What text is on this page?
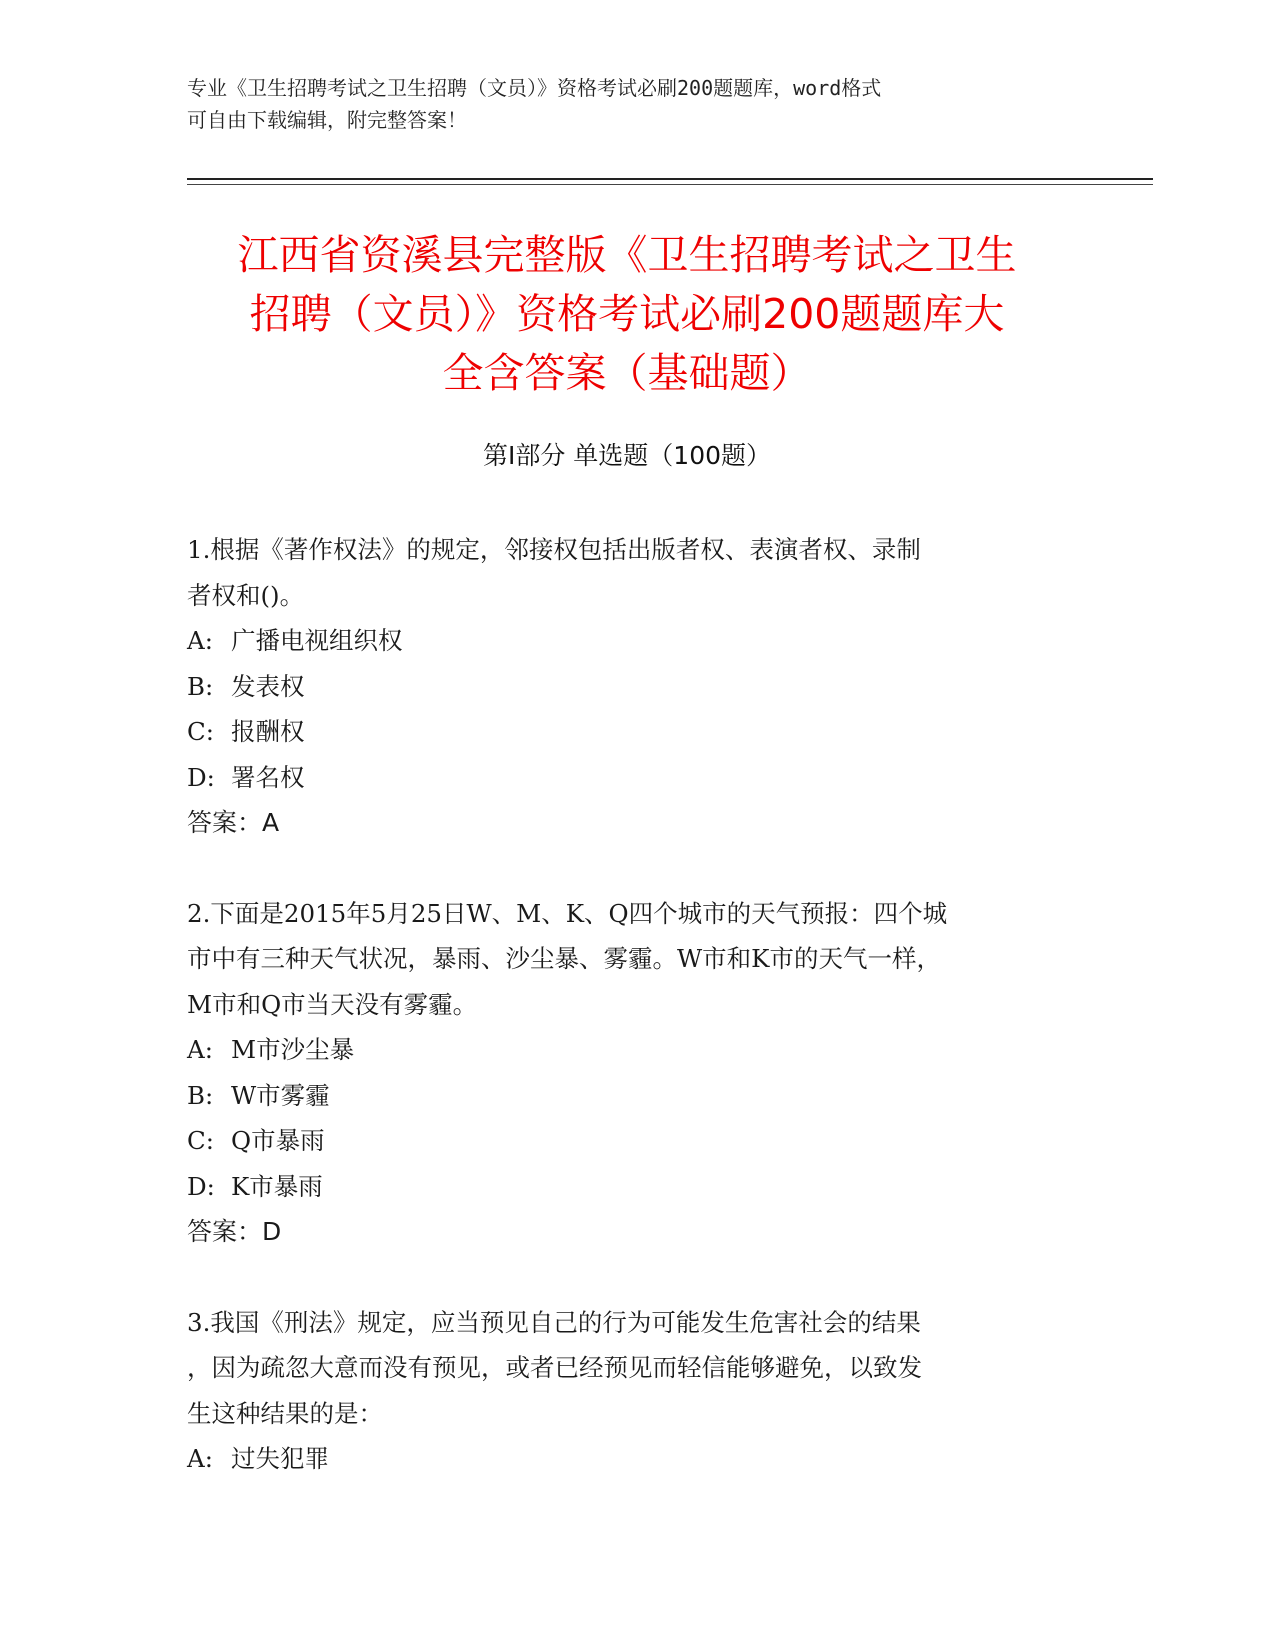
专业《卫生招聘考试之卫生招聘（文员）》资格考试必刷200题题库，word格式
可自由下载编辑，附完整答案！
江西省资溪县完整版《卫生招聘考试之卫生
招聘（文员）》资格考试必刷200题题库大
全含答案（基础题）
第Ⅰ部分 单选题（100题）
1.根据《著作权法》的规定，邻接权包括出版者权、表演者权、录制
者权和()。
A: 广播电视组织权
B: 发表权
C: 报酬权
D: 署名权
答案：A
2.下面是2015年5月25日W、M、K、Q四个城市的天气预报：四个城
市中有三种天气状况，暴雨、沙尘暴、雾霾。W市和K市的天气一样，
M市和Q市当天没有雾霾。
A: M市沙尘暴
B: W市雾霾
C: Q市暴雨
D: K市暴雨
答案：D
3.我国《刑法》规定，应当预见自己的行为可能发生危害社会的结果
，因为疏忽大意而没有预见，或者已经预见而轻信能够避免，以致发
生这种结果的是：
A: 过失犯罪
